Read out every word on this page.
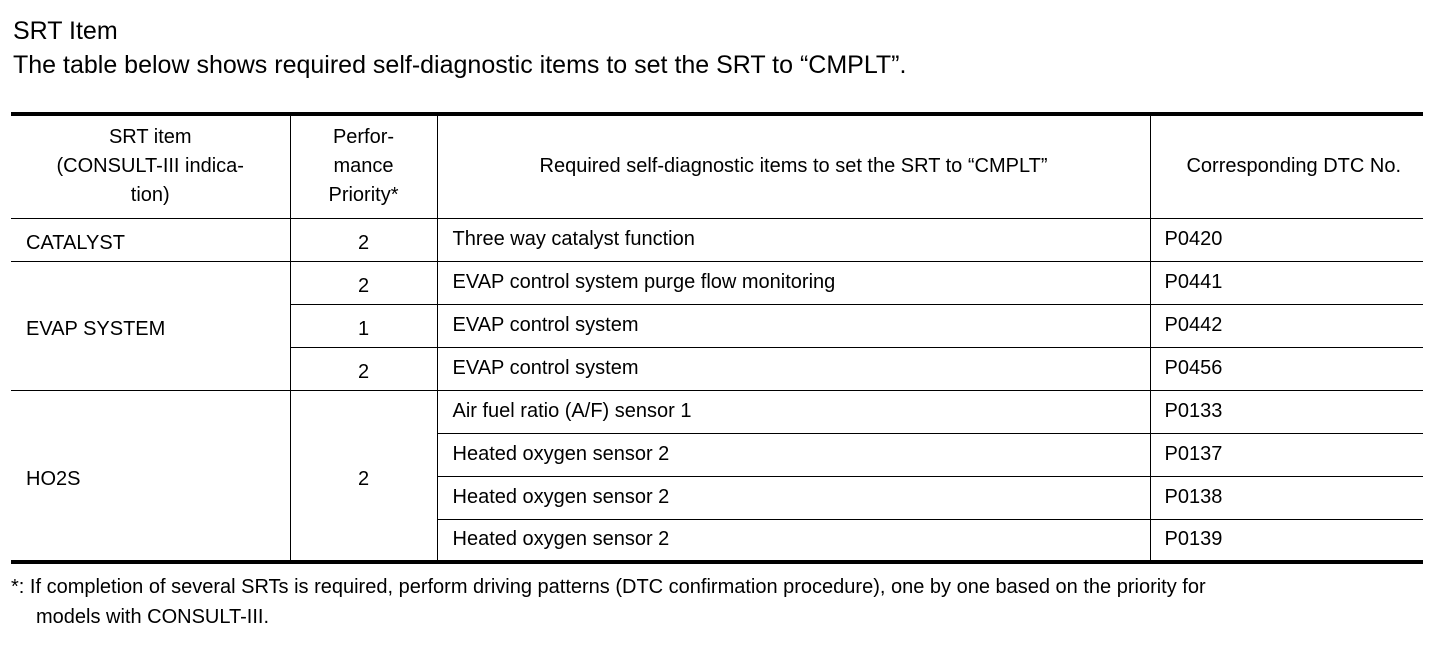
SRT Item
The table below shows required self-diagnostic items to set the SRT to “CMPLT”.
SRT item
(CONSULT-III indica-
tion)	Perfor-
mance
Priority*	Required self-diagnostic items to set the SRT to “CMPLT”	Corresponding DTC No.
CATALYST	2	Three way catalyst function	P0420
EVAP SYSTEM	2	EVAP control system purge flow monitoring	P0441
	1	EVAP control system	P0442
	2	EVAP control system	P0456
HO2S	2	Air fuel ratio (A/F) sensor 1	P0133
		Heated oxygen sensor 2	P0137
		Heated oxygen sensor 2	P0138
		Heated oxygen sensor 2	P0139
*: If completion of several SRTs is required, perform driving patterns (DTC confirmation procedure), one by one based on the priority for
models with CONSULT-III.
